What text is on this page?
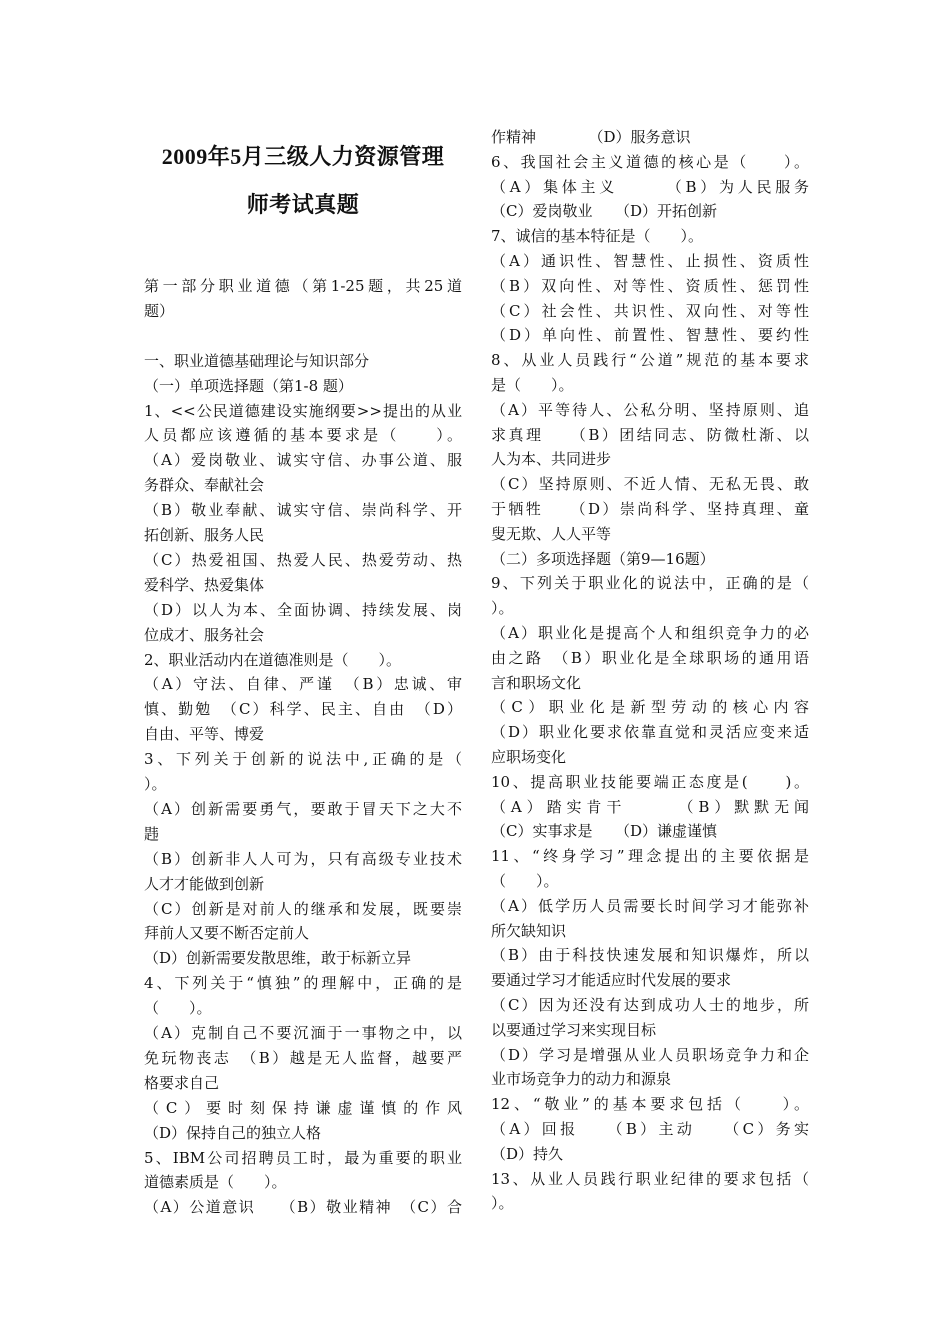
2009年5月三级人力资源管理
师考试真题
第一部分职业道德（第1-25题，共25道
题）
一、职业道德基础理论与知识部分
（一）单项选择题（第1-8 题）
1、<<公民道德建设实施纲要>>提出的从业
人员都应该遵循的基本要求是（　　）。
（A）爱岗敬业、诚实守信、办事公道、服
务群众、奉献社会
（B）敬业奉献、诚实守信、崇尚科学、开
拓创新、服务人民
（C）热爱祖国、热爱人民、热爱劳动、热
爱科学、热爱集体
（D）以人为本、全面协调、持续发展、岗
位成才、服务社会
2、职业活动内在道德准则是（　　）。
（A）守法、自律、严谨　（B）忠诚、审
慎、勤勉　（C）科学、民主、自由　（D）
自由、平等、博爱
3、下列关于创新的说法中,正确的是（
）。
（A）创新需要勇气，要敢于冒天下之大不
韪
（B）创新非人人可为，只有高级专业技术
人才才能做到创新
（C）创新是对前人的继承和发展，既要崇
拜前人又要不断否定前人
（D）创新需要发散思维，敢于标新立异
4、下列关于“慎独”的理解中，正确的是
（　　）。
（A）克制自己不要沉湎于一事物之中，以
免玩物丧志　（B）越是无人监督，越要严
格要求自己
（C）要时刻保持谦虚谨慎的作风
（D）保持自己的独立人格
5、IBM公司招聘员工时，最为重要的职业
道德素质是（　　）。
（A）公道意识　　（B）敬业精神　（C）合
作精神　　　　（D）服务意识
6、我国社会主义道德的核心是（　　）。
（A）集体主义　　　（B）为人民服务
（C）爱岗敬业　　（D）开拓创新
7、诚信的基本特征是（　　）。
（A）通识性、智慧性、止损性、资质性
（B）双向性、对等性、资质性、惩罚性
（C）社会性、共识性、双向性、对等性
（D）单向性、前置性、智慧性、要约性
8、从业人员践行“公道”规范的基本要求
是（　　）。
（A）平等待人、公私分明、坚持原则、追
求真理　　（B）团结同志、防微杜渐、以
人为本、共同进步
（C）坚持原则、不近人情、无私无畏、敢
于牺牲　　（D）崇尚科学、坚持真理、童
叟无欺、人人平等
（二）多项选择题（第9—16题）
9、下列关于职业化的说法中，正确的是（
）。
（A）职业化是提高个人和组织竞争力的必
由之路　（B）职业化是全球职场的通用语
言和职场文化
（C）职业化是新型劳动的核心内容
（D）职业化要求依靠直觉和灵活应变来适
应职场变化
10、提高职业技能要端正态度是(　　)。
（A）踏实肯干　　　（B）默默无闻
（C）实事求是　　（D）谦虚谨慎
11、“终身学习”理念提出的主要依据是
（　　）。
（A）低学历人员需要长时间学习才能弥补
所欠缺知识
（B）由于科技快速发展和知识爆炸，所以
要通过学习才能适应时代发展的要求
（C）因为还没有达到成功人士的地步，所
以要通过学习来实现目标
（D）学习是增强从业人员职场竞争力和企
业市场竞争力的动力和源泉
12、“敬业”的基本要求包括（　　）。
（A）回报　　（B）主动　　（C）务实
（D）持久
13、从业人员践行职业纪律的要求包括（
）。
